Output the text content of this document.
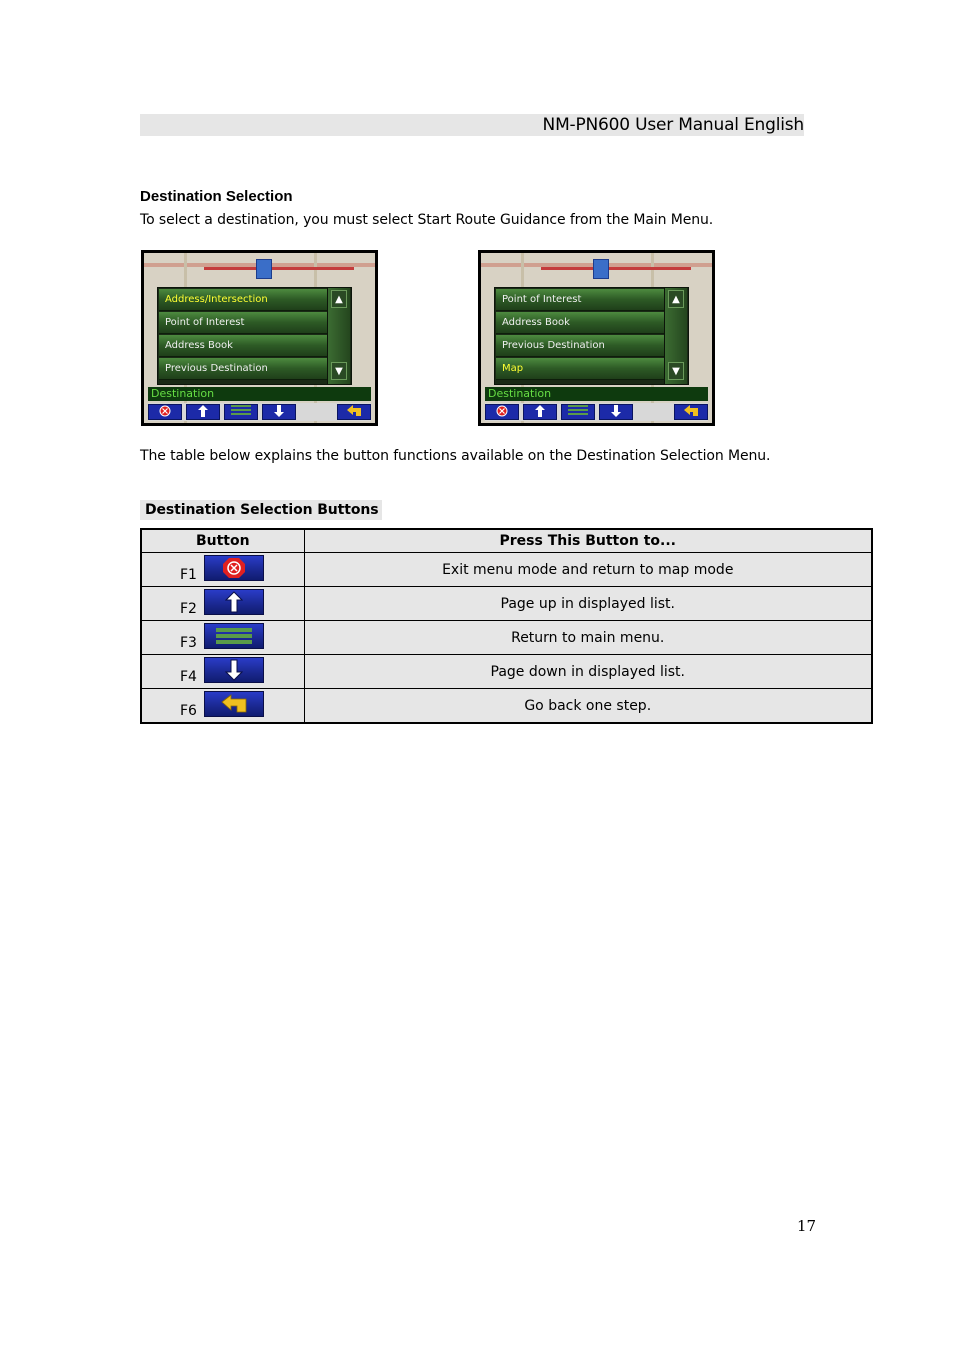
NM-PN600 User Manual English
Destination Selection
To select a destination, you must select Start Route Guidance from the Main Menu.
Address/Intersection
Point of Interest
Address Book
Previous Destination
▲
▼
Destination
Point of Interest
Address Book
Previous Destination
Map
▲
▼
Destination
The table below explains the button functions available on the Destination Selection Menu.
Destination Selection Buttons
Button	Press This Button to...

F1	Exit menu mode and return to map mode

F2	Page up in displayed list.

F3	Return to main menu.

F4	Page down in displayed list.

F6	Go back one step.
17
